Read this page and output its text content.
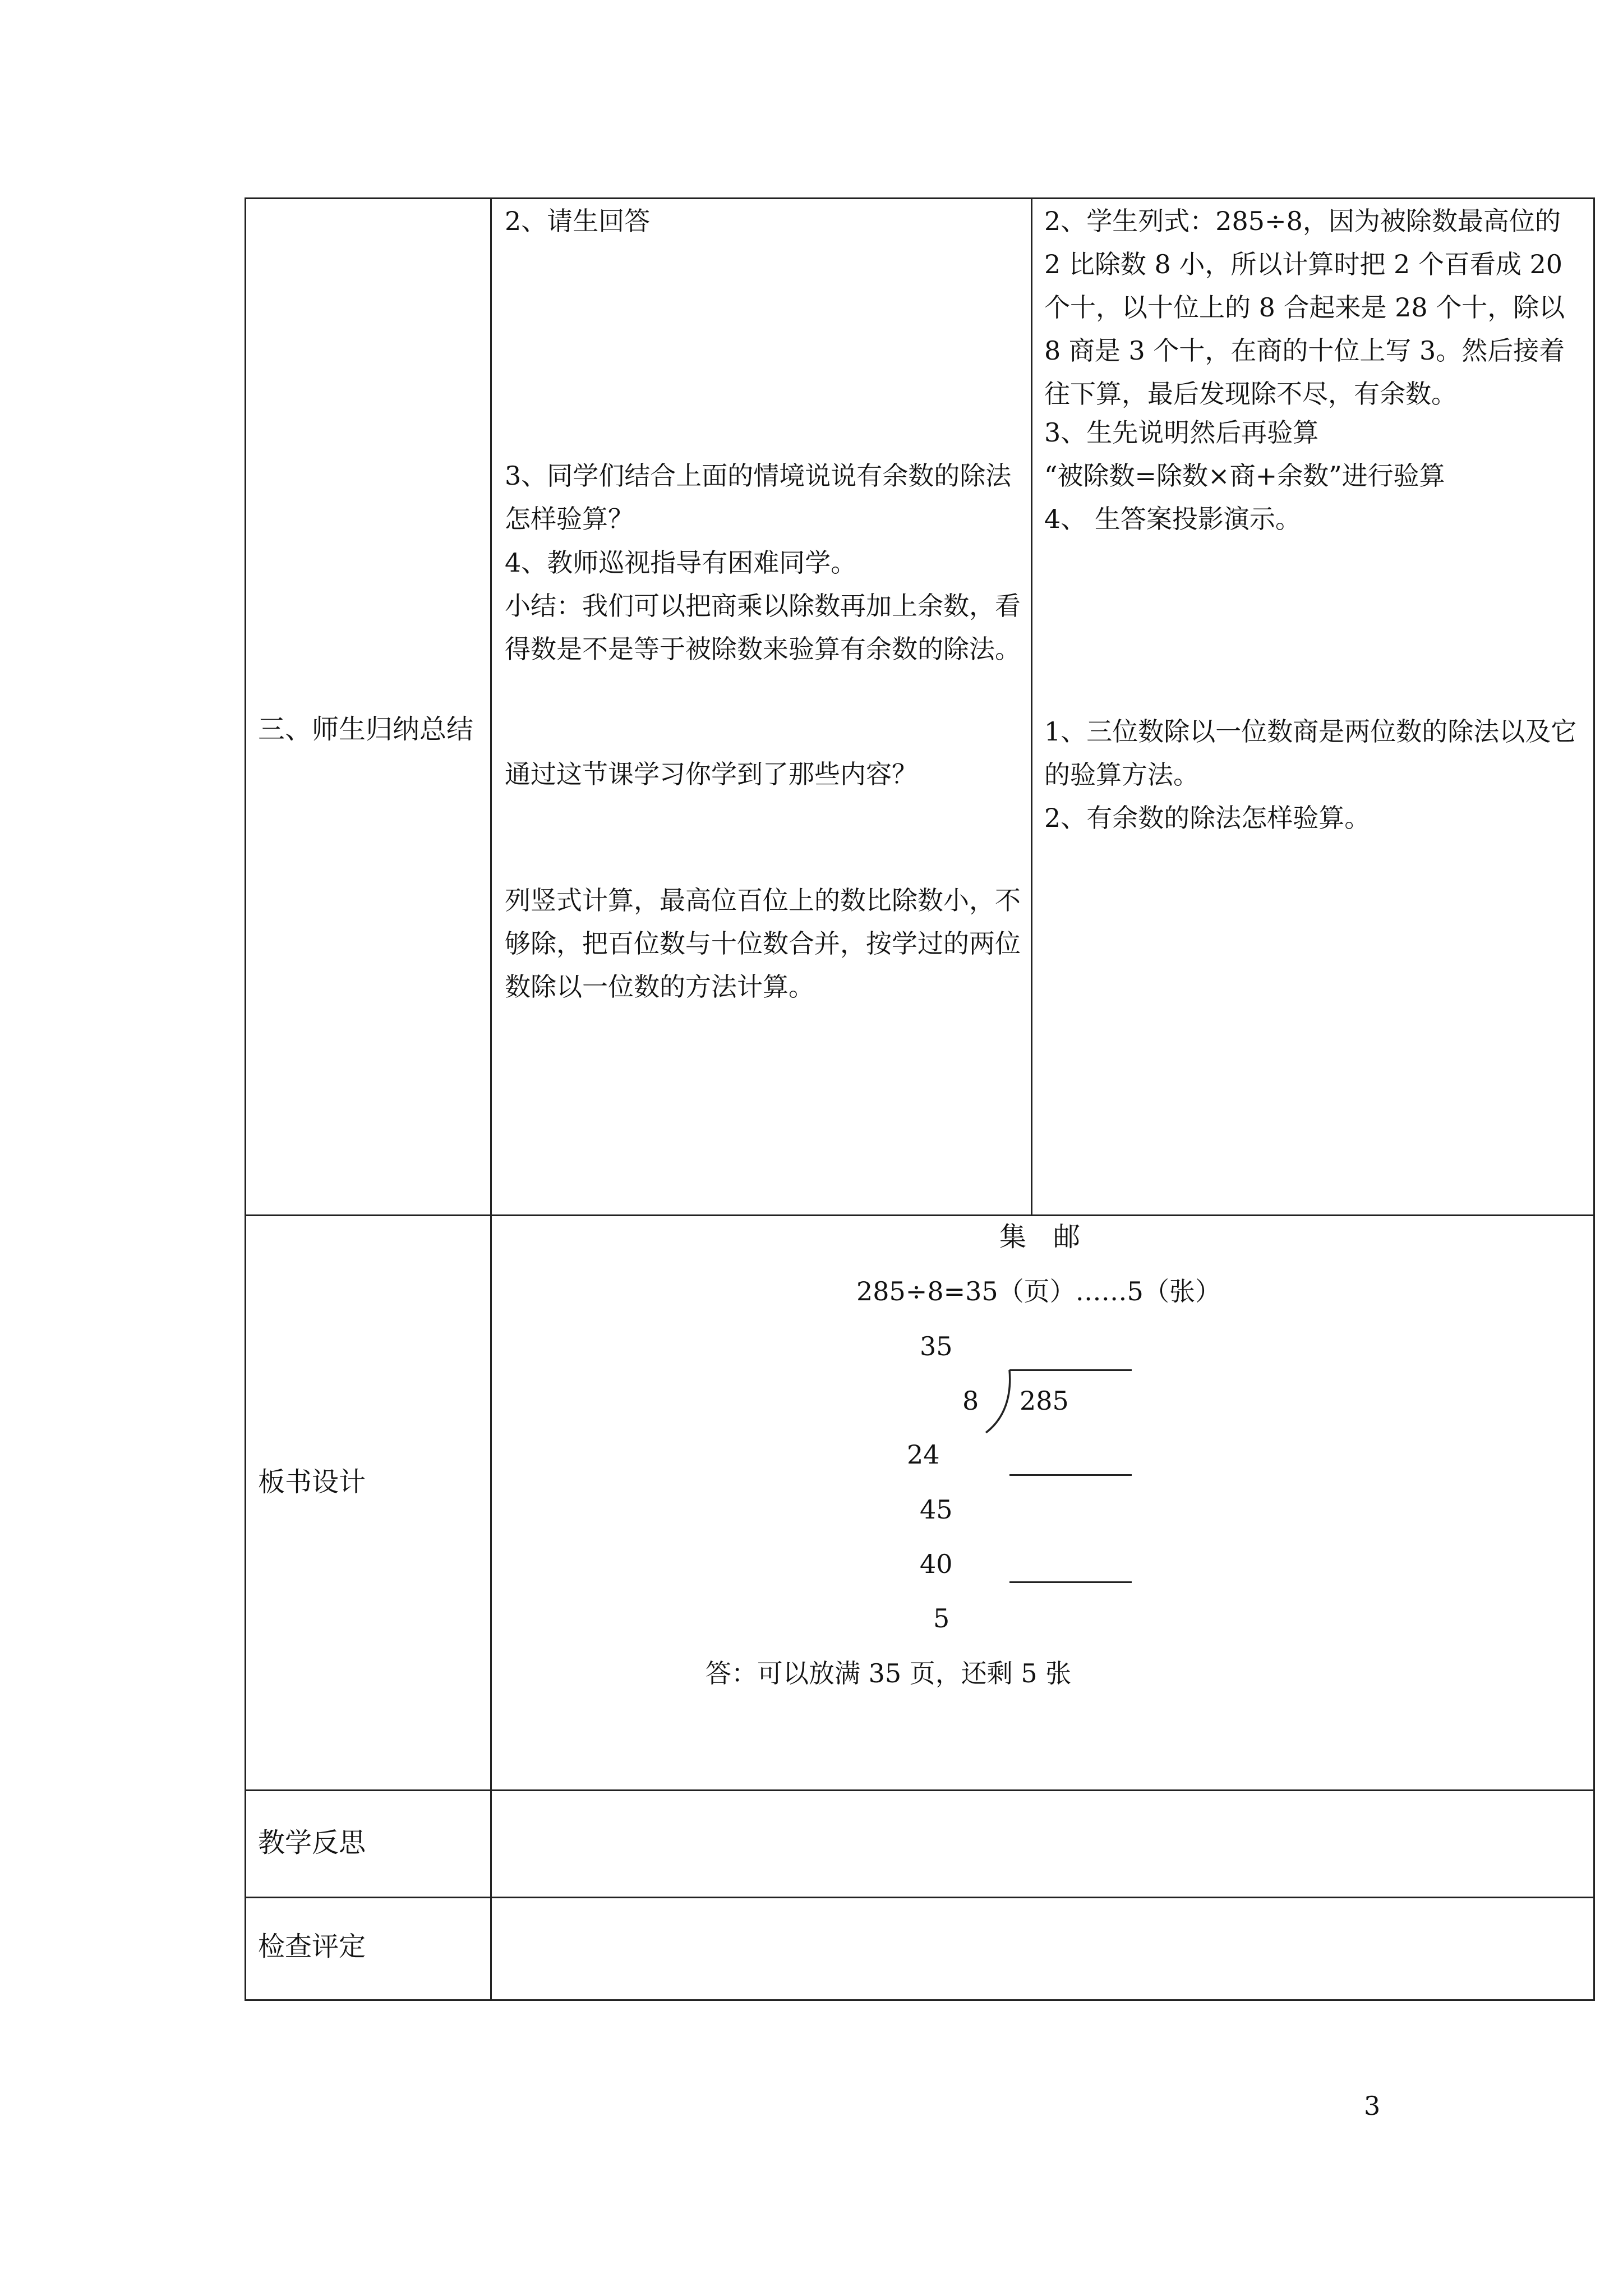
三、师生归纳总结
板书设计
教学反思
检查评定
2、请生回答
3、同学们结合上面的情境说说有余数的除法怎样验算？
4、教师巡视指导有困难同学。
小结：我们可以把商乘以除数再加上余数，看得数是不是等于被除数来验算有余数的除法。
通过这节课学习你学到了那些内容？
列竖式计算，最高位百位上的数比除数小，不够除，把百位数与十位数合并，按学过的两位数除以一位数的方法计算。
2、学生列式：285÷8，因为被除数最高位的 2 比除数 8 小，所以计算时把 2 个百看成 20 个十，以十位上的 8 合起来是 28 个十，除以 8 商是 3 个十，在商的十位上写 3。然后接着往下算，最后发现除不尽，有余数。
3、生先说明然后再验算
“被除数=除数×商+余数”进行验算
4、 生答案投影演示。
1、三位数除以一位数商是两位数的除法以及它的验算方法。
2、有余数的除法怎样验算。
集　邮
285÷8=35（页）……5（张）
35
8 285
24
45
40
5
答：可以放满 35 页，还剩 5 张
3
